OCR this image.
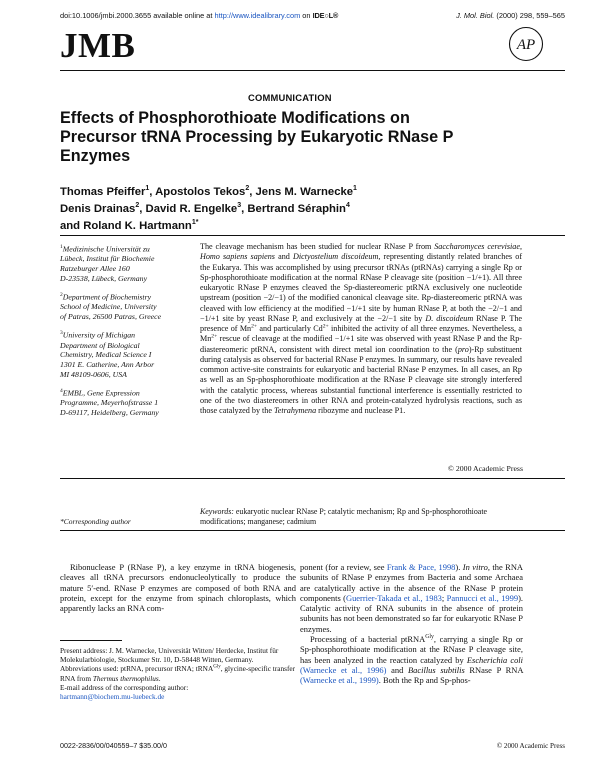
doi:10.1006/jmbi.2000.3655 available online at http://www.idealibrary.com on IDE○L®	J. Mol. Biol. (2000) 298, 559–565
JMB	AP
COMMUNICATION
Effects of Phosphorothioate Modifications on Precursor tRNA Processing by Eukaryotic RNase P Enzymes
Thomas Pfeiffer$^1$, Apostolos Tekos$^2$, Jens M. Warnecke$^1$
Denis Drainas$^2$, David R. Engelke$^3$, Bertrand Séraphin$^4$
and Roland K. Hartmann$^{1*}$
$^1$Medizinische Universität zu
Lübeck, Institut für Biochemie
Ratzeburger Allee 160
D-23538, Lübeck, Germany
$^2$Department of Biochemistry
School of Medicine, University
of Patras, 26500 Patras, Greece
$^3$University of Michigan
Department of Biological
Chemistry, Medical Science I
1301 E. Catherine, Ann Arbor
MI 48109-0606, USA
$^4$EMBL, Gene Expression
Programme, Meyerhofstrasse 1
D-69117, Heidelberg, Germany
The cleavage mechanism has been studied for nuclear RNase P from Saccharomyces cerevisiae, Homo sapiens sapiens and Dictyostelium discoideum, representing distantly related branches of the Eukarya. This was accomplished by using precursor tRNAs (ptRNAs) carrying a single Rp or Sp-phosphorothioate modification at the normal RNase P cleavage site (position −1/+1). All three eukaryotic RNase P enzymes cleaved the Sp-diastereomeric ptRNA exclusively one nucleotide upstream (position −2/−1) of the modified canonical cleavage site. Rp-diastereomeric ptRNA was cleaved with low efficiency at the modified −1/+1 site by human RNase P, at both the −2/−1 and −1/+1 site by yeast RNase P, and exclusively at the −2/−1 site by D. discoideum RNase P. The presence of $Mn^{2+}$ and particularly $Cd^{2+}$ inhibited the activity of all three enzymes. Nevertheless, a $Mn^{2+}$ rescue of cleavage at the modified −1/+1 site was observed with yeast RNase P and the Rp-diastereomeric ptRNA, consistent with direct metal ion coordination to the (pro)-Rp substituent during catalysis as observed for bacterial RNase P enzymes. In summary, our results have revealed common active-site constraints for eukaryotic and bacterial RNase P enzymes. In all cases, an Rp as well as an Sp-phosphorothioate modification at the RNase P cleavage site strongly interfered with the catalytic process, whereas substantial functional interference is essentially restricted to one of the two diastereomers in other RNA and protein-catalyzed hydrolysis reactions, such as those catalyzed by the Tetrahymena ribozyme and nuclease P1.
© 2000 Academic Press
Keywords: eukaryotic nuclear RNase P; catalytic mechanism; Rp and Sp-phosphorothioate modifications; manganese; cadmium
*Corresponding author

Ribonuclease P (RNase P), a key enzyme in tRNA biogenesis, cleaves all tRNA precursors endonucleolytically to produce the mature 5′-end. RNase P enzymes are composed of both RNA and protein, except for the enzyme from spinach chloroplasts, which apparently lacks an RNA com-

Present address: J. M. Warnecke, Universität Witten/ Herdecke, Institut für Molekularbiologie, Stockumer Str. 10, D-58448 Witten, Germany.
Abbreviations used: ptRNA, precursor tRNA; tRNA$^{Gly}$, glycine-specific transfer RNA from Thermus thermophilus.
E-mail address of the corresponding author:
hartmann@biochem.mu-luebeck.de

ponent (for a review, see Frank & Pace, 1998). In vitro, the RNA subunits of RNase P enzymes from Bacteria and some Archaea are catalytically active in the absence of the RNase P protein components (Guerrier-Takada et al., 1983; Pannucci et al., 1999). Catalytic activity of RNA subunits in the absence of protein subunits has not been demonstrated so far for eukaryotic RNase P enzymes.

Processing of a bacterial ptRNA$^{Gly}$, carrying a single Rp or Sp-phosphorothioate modification at the RNase P cleavage site, has been analyzed in the reaction catalyzed by Escherichia coli (Warnecke et al., 1996) and Bacillus subtilis RNase P RNA (Warnecke et al., 1999). Both the Rp and Sp-phos-

0022-2836/00/040559–7 $35.00/0	© 2000 Academic Press
